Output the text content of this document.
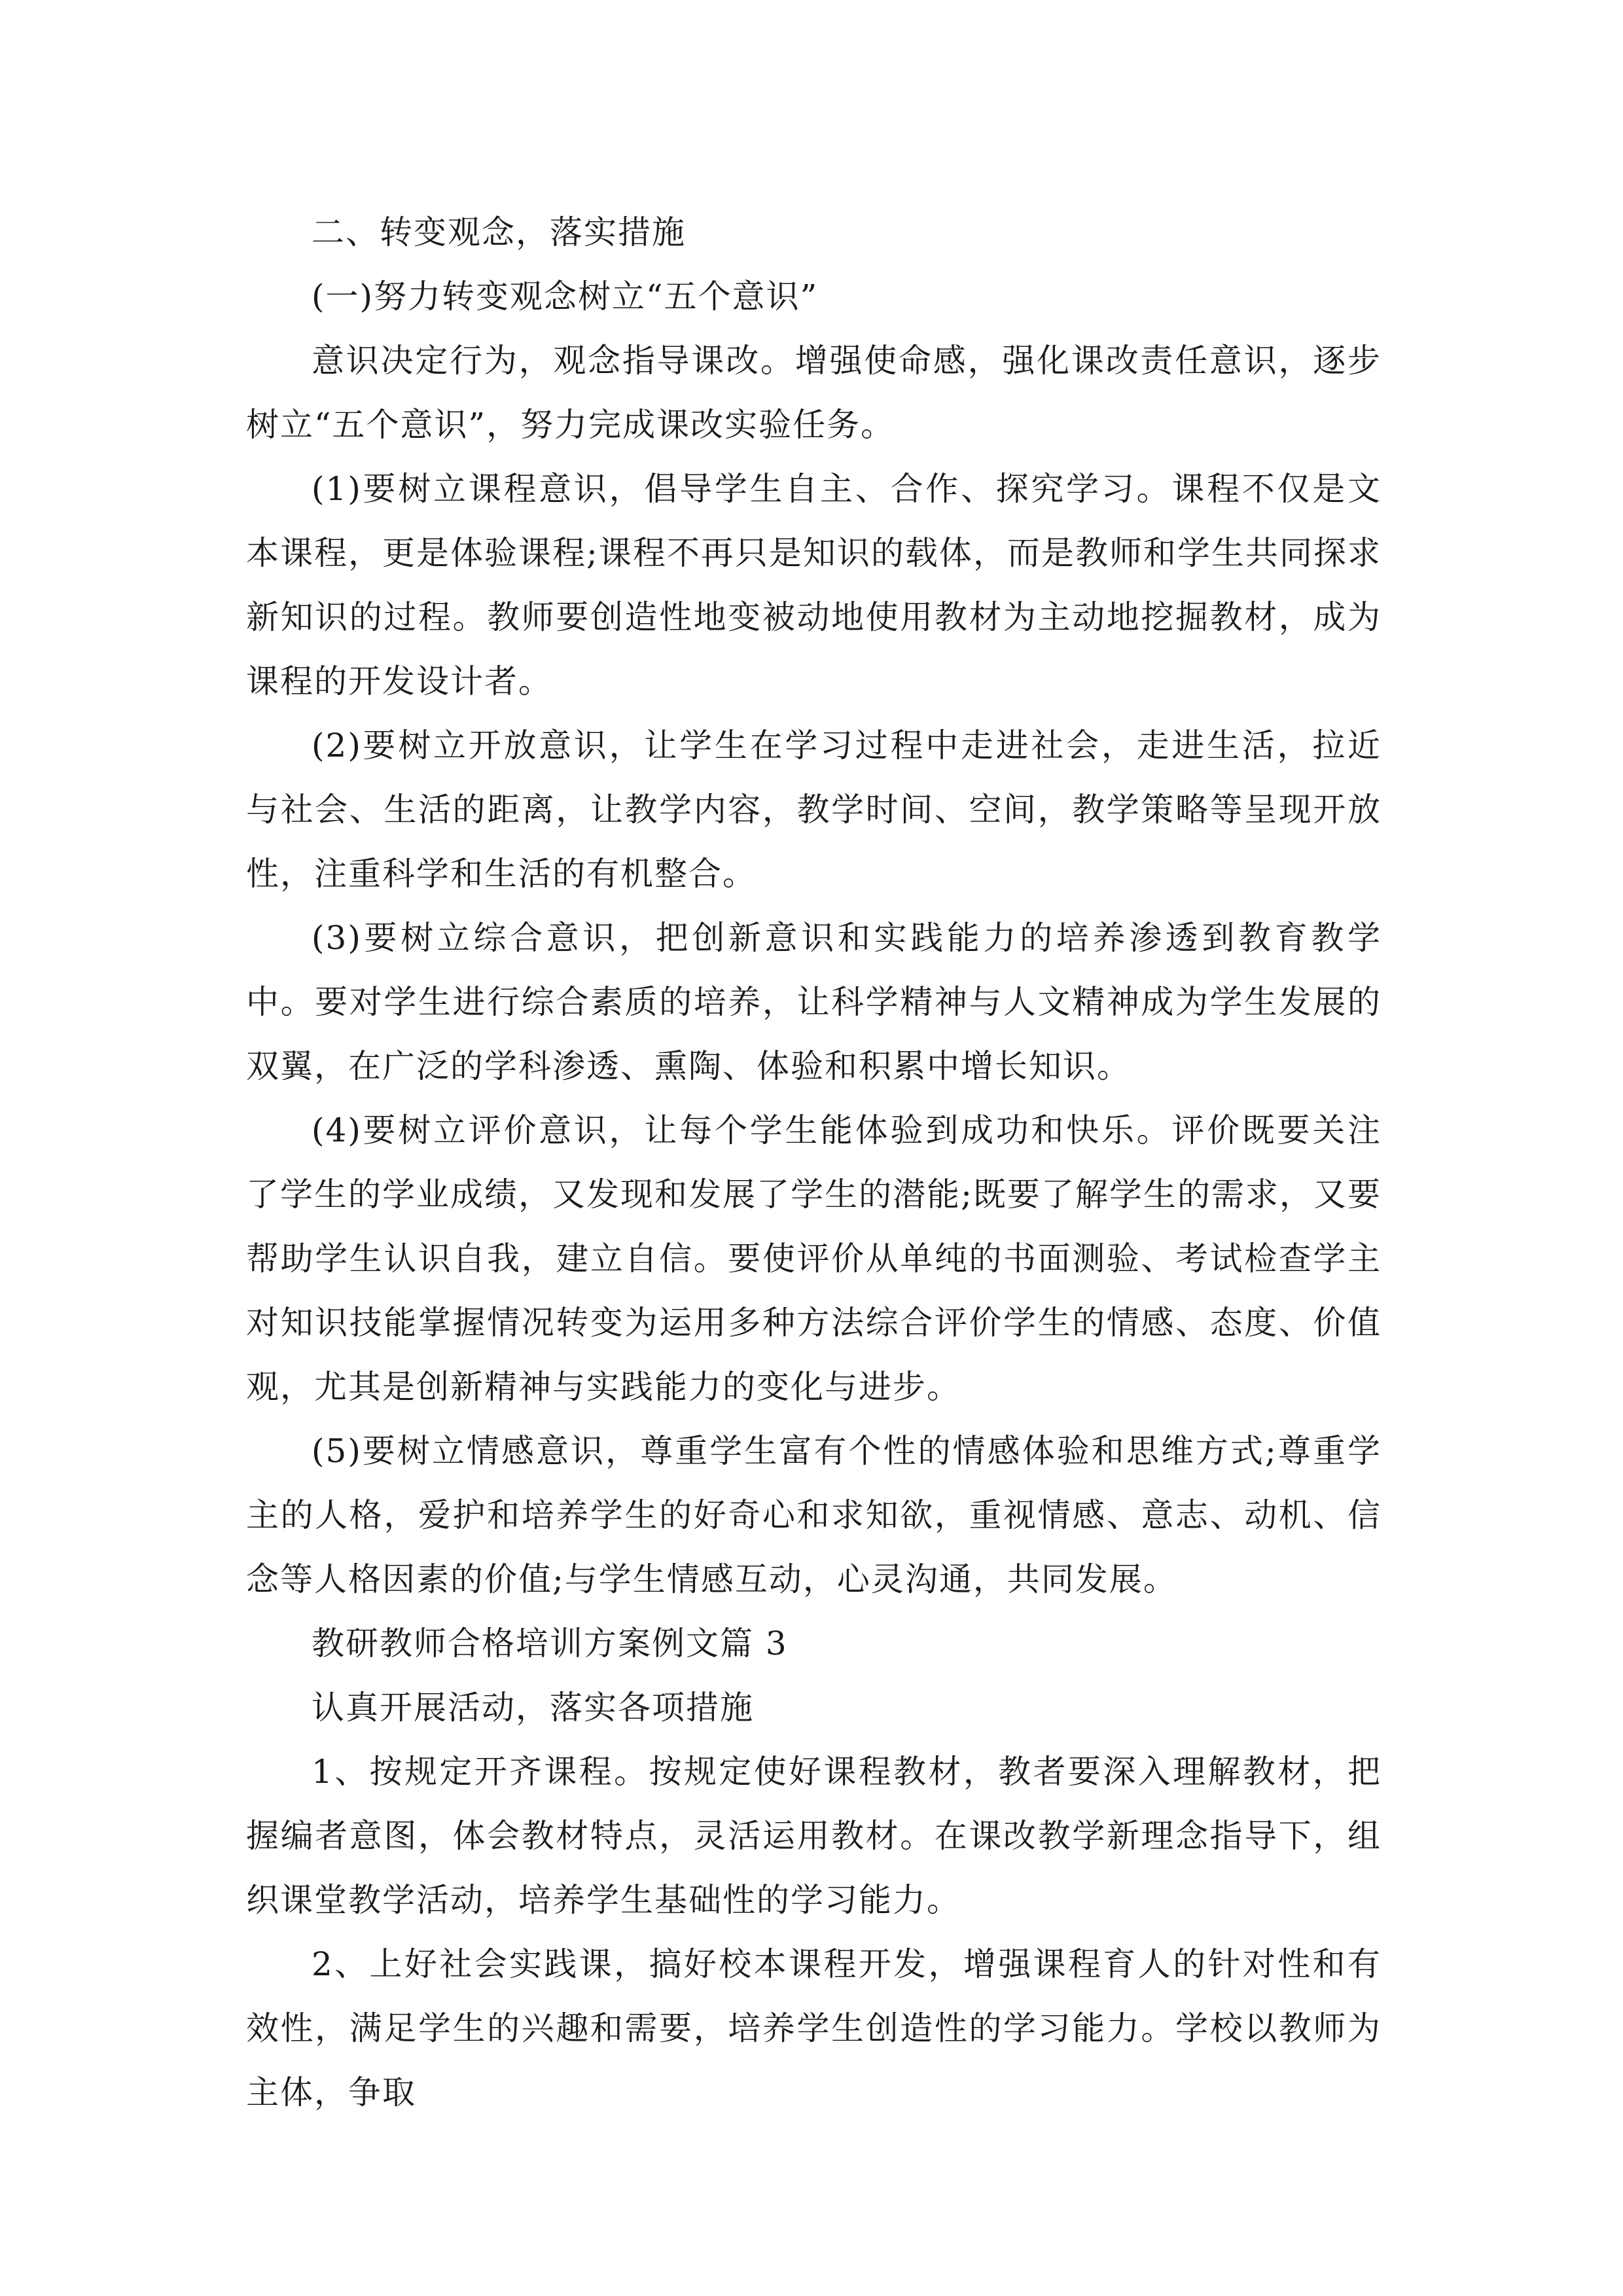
二、转变观念，落实措施

(一)努力转变观念树立“五个意识”

意识决定行为，观念指导课改。增强使命感，强化课改责任意识，逐步树立“五个意识”，努力完成课改实验任务。

(1)要树立课程意识，倡导学生自主、合作、探究学习。课程不仅是文本课程，更是体验课程;课程不再只是知识的载体，而是教师和学生共同探求新知识的过程。教师要创造性地变被动地使用教材为主动地挖掘教材，成为课程的开发设计者。

(2)要树立开放意识，让学生在学习过程中走进社会，走进生活，拉近与社会、生活的距离，让教学内容，教学时间、空间，教学策略等呈现开放性，注重科学和生活的有机整合。

(3)要树立综合意识，把创新意识和实践能力的培养渗透到教育教学中。要对学生进行综合素质的培养，让科学精神与人文精神成为学生发展的双翼，在广泛的学科渗透、熏陶、体验和积累中增长知识。

(4)要树立评价意识，让每个学生能体验到成功和快乐。评价既要关注了学生的学业成绩，又发现和发展了学生的潜能;既要了解学生的需求，又要帮助学生认识自我，建立自信。要使评价从单纯的书面测验、考试检查学主对知识技能掌握情况转变为运用多种方法综合评价学生的情感、态度、价值观，尤其是创新精神与实践能力的变化与进步。

(5)要树立情感意识，尊重学生富有个性的情感体验和思维方式;尊重学主的人格，爱护和培养学生的好奇心和求知欲，重视情感、意志、动机、信念等人格因素的价值;与学生情感互动，心灵沟通，共同发展。

教研教师合格培训方案例文篇 3

认真开展活动，落实各项措施

1、按规定开齐课程。按规定使好课程教材，教者要深入理解教材，把握编者意图，体会教材特点，灵活运用教材。在课改教学新理念指导下，组织课堂教学活动，培养学生基础性的学习能力。

2、上好社会实践课，搞好校本课程开发，增强课程育人的针对性和有效性，满足学生的兴趣和需要，培养学生创造性的学习能力。学校以教师为主体，争取
